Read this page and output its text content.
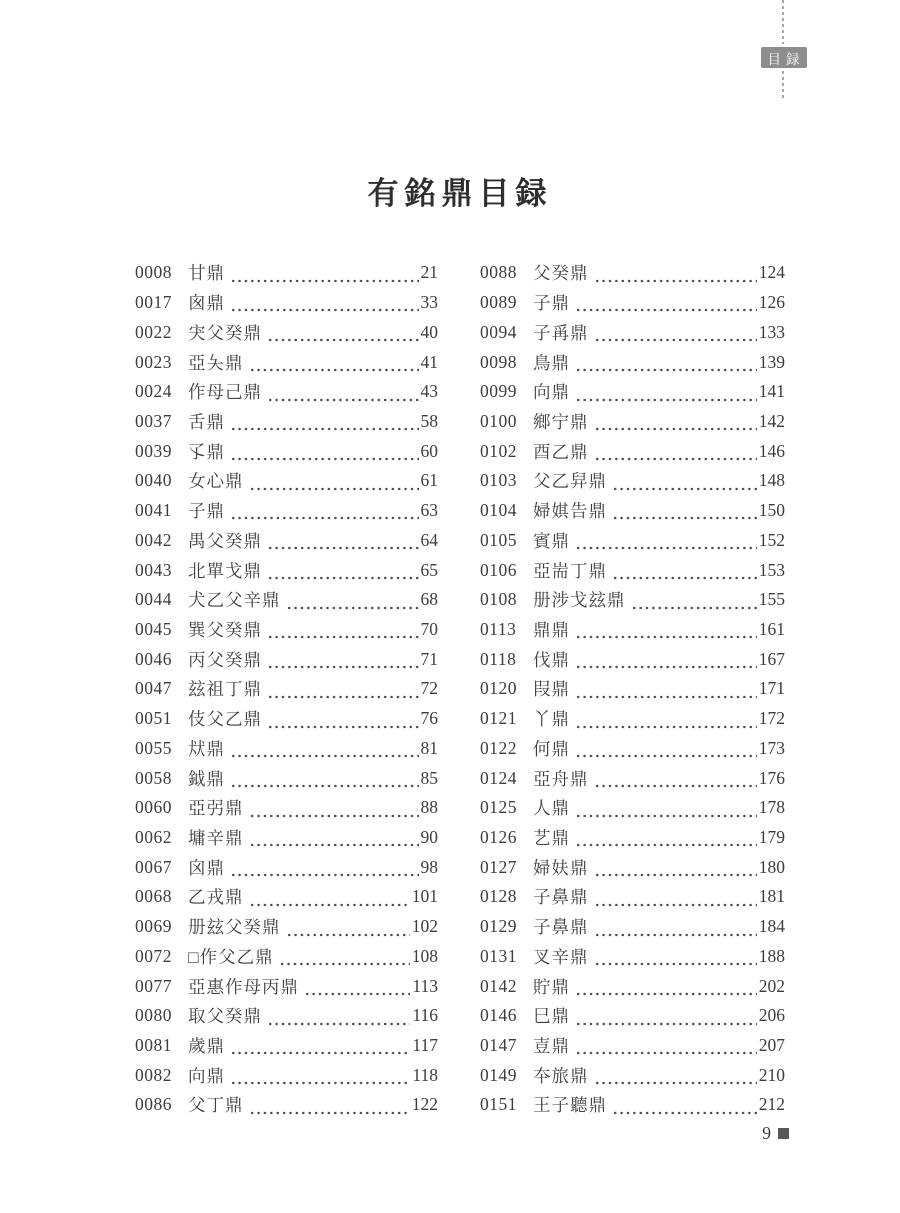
目録
有銘鼎目録
0008 甘鼎	21
0017 囪鼎	33
0022 宊父癸鼎	40
0023 亞夨鼎	41
0024 作母己鼎	43
0037 舌鼎	58
0039 孓鼎	60
0040 女心鼎	61
0041 子鼎	63
0042 禺父癸鼎	64
0043 北單戈鼎	65
0044 犬乙父辛鼎	68
0045 巽父癸鼎	70
0046 丙父癸鼎	71
0047 玆祖丁鼎	72
0051 伎父乙鼎	76
0055 㹜鼎	81
0058 鉞鼎	85
0060 亞弜鼎	88
0062 墉辛鼎	90
0067 囟鼎	98
0068 乙戎鼎	101
0069 册玆父癸鼎	102
0072 □作父乙鼎	108
0077 亞惠作母丙鼎	113
0080 取父癸鼎	116
0081 歲鼎	117
0082 向鼎	118
0086 父丁鼎	122
0088 父癸鼎	124
0089 子鼎	126
0094 子爯鼎	133
0098 鳥鼎	139
0099 向鼎	141
0100 鄉宁鼎	142
0102 酉乙鼎	146
0103 父乙舁鼎	148
0104 婦娸告鼎	150
0105 賓鼎	152
0106 亞耑丁鼎	153
0108 册涉戈玆鼎	155
0113 鼎鼎	161
0118 伐鼎	167
0120 叚鼎	171
0121 丫鼎	172
0122 何鼎	173
0124 亞舟鼎	176
0125 人鼎	178
0126 艺鼎	179
0127 婦妋鼎	180
0128 子鼻鼎	181
0129 子鼻鼎	184
0131 叉辛鼎	188
0142 貯鼎	202
0146 巳鼎	206
0147 壴鼎	207
0149 夲旅鼎	210
0151 王子聽鼎	212
9
